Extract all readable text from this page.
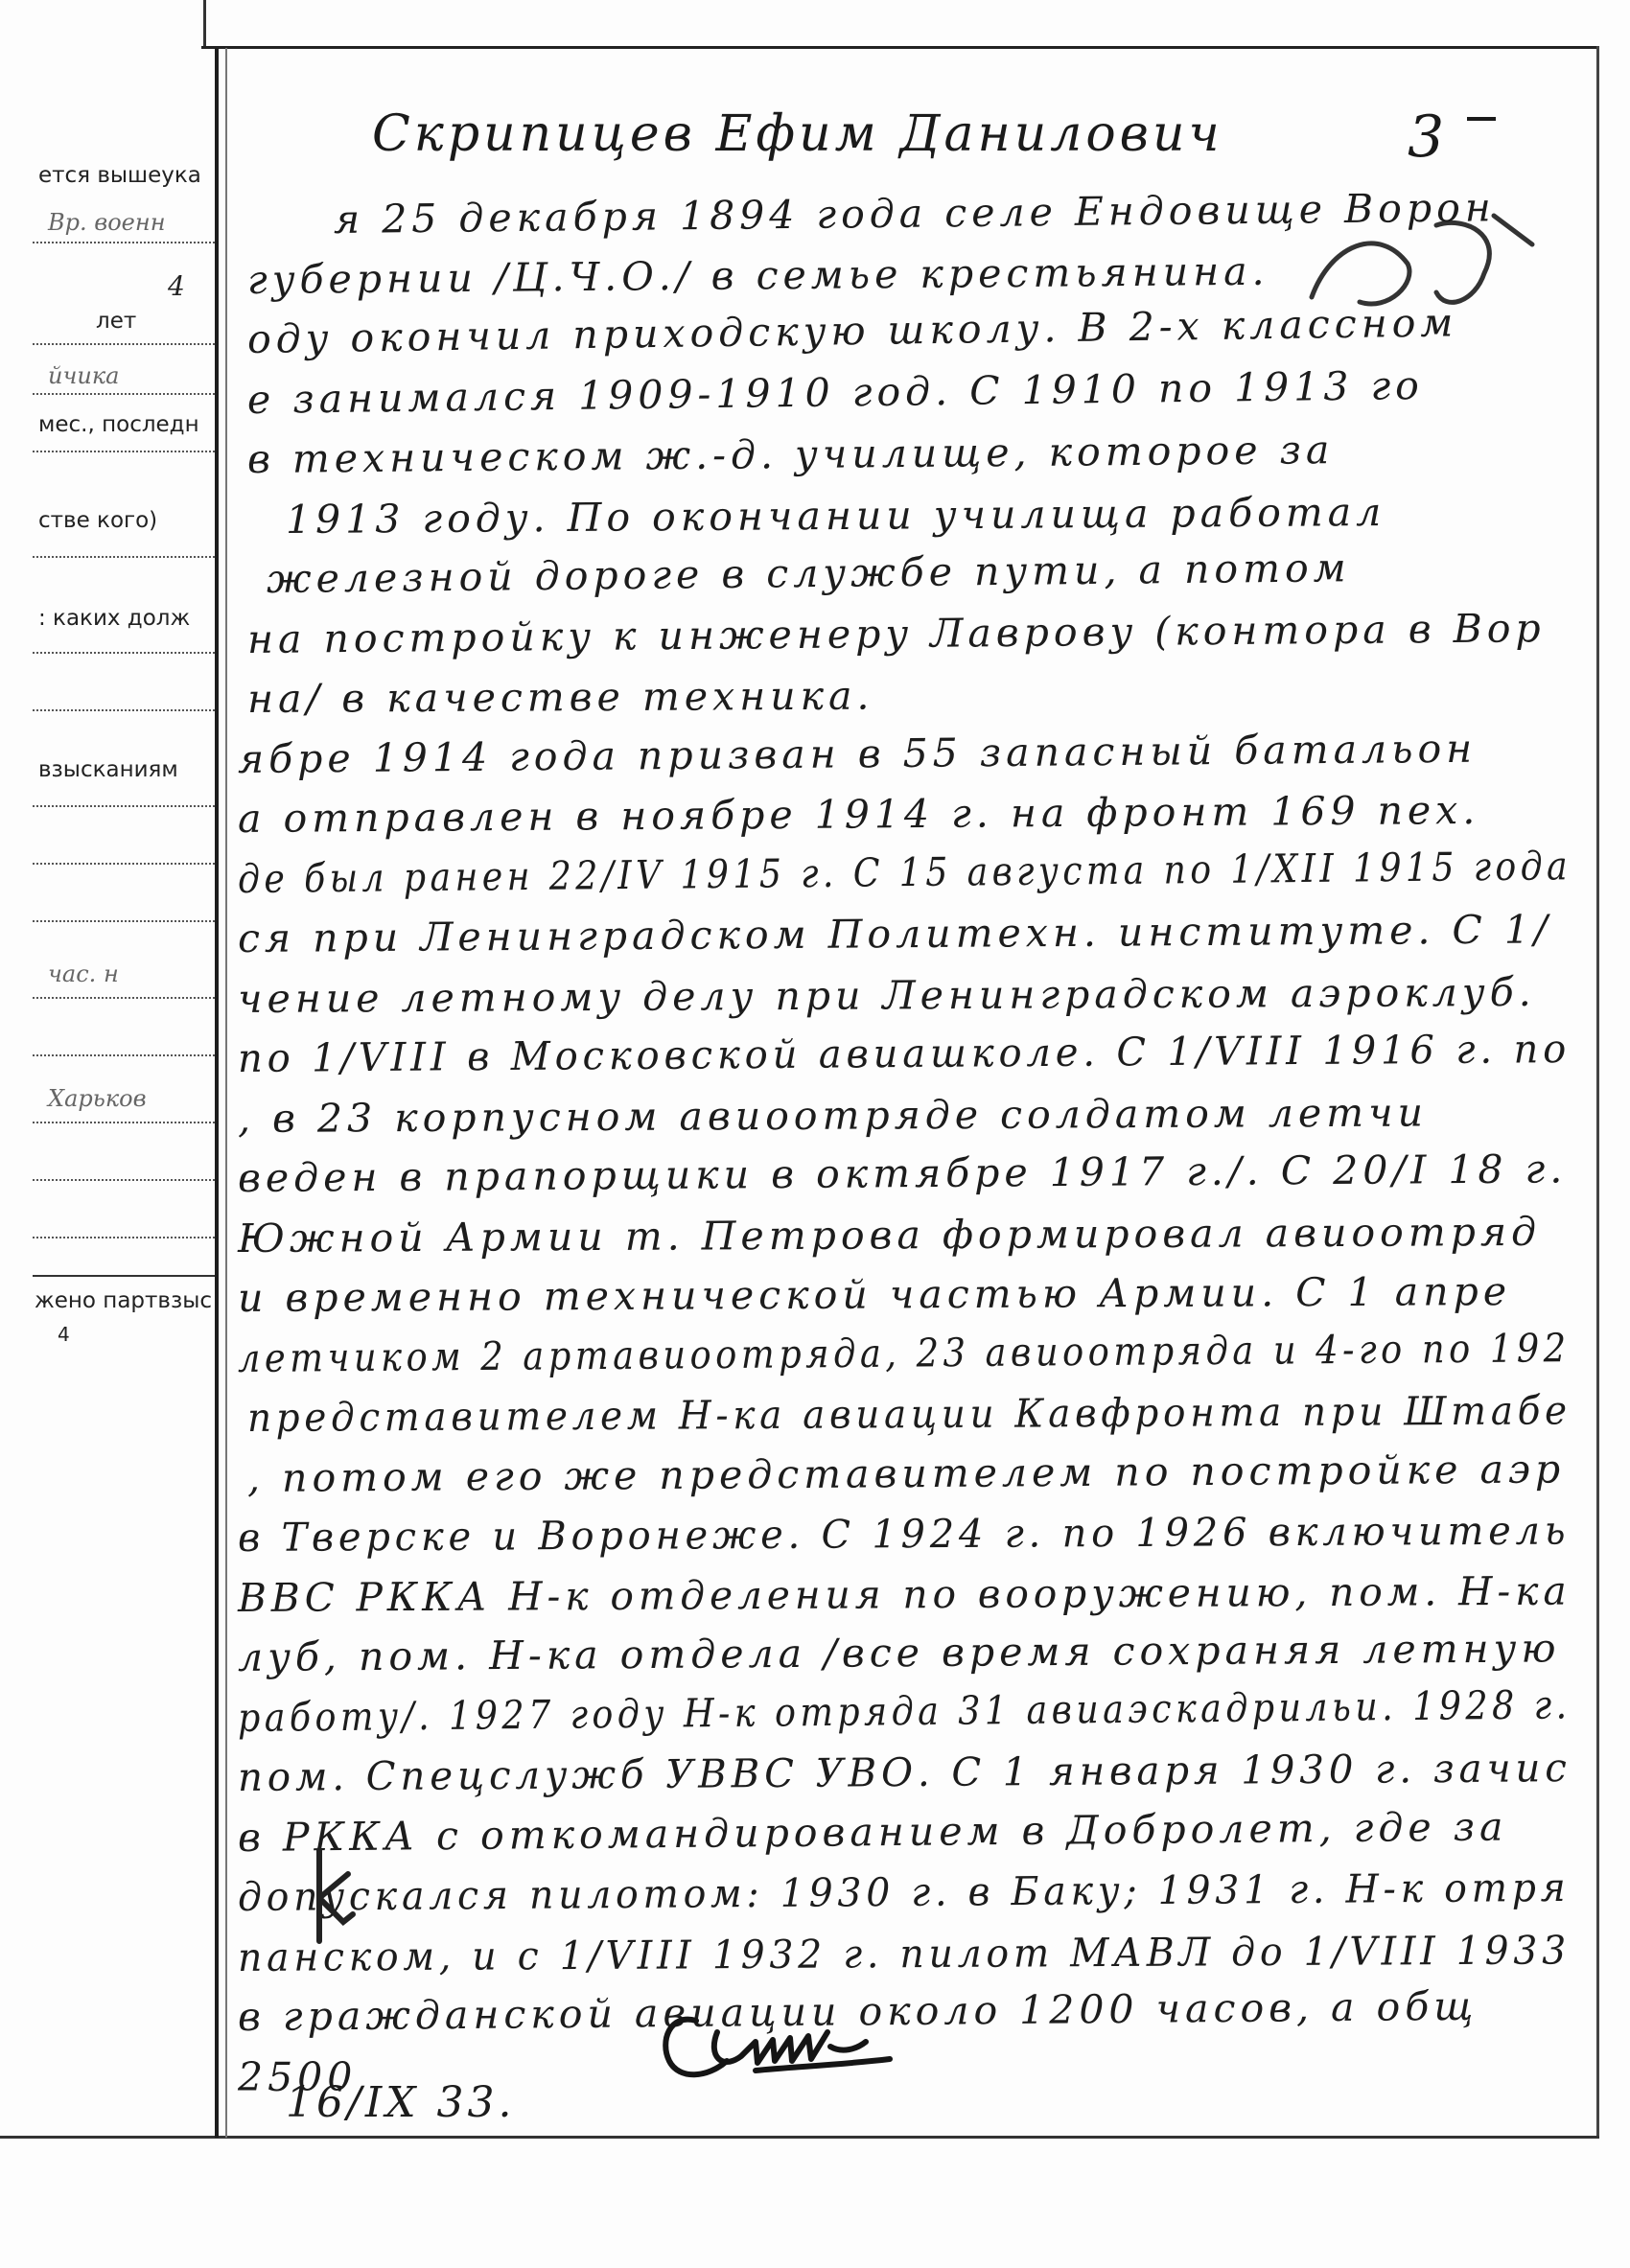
ется вышеука
Вр. военн
4
лет
йчика
мес., последн
стве кого)
: каких долж
взысканиям
час. н
Харьков
жено партвзыс
4
Скрипицев Ефим Данилович	3
я 25 декабря 1894 года селе Ендовище Ворон
губернии /Ц.Ч.О./ в семье крестьянина.
оду окончил приходскую школу. В 2-х классном
е занимался 1909-1910 год. С 1910 по 1913 го
в техническом ж.-д. училище, которое за
1913 году. По окончании училища работал
железной дороге в службе пути, а потом
на постройку к инженеру Лаврову (контора в Вор
на/ в качестве техника.
ябре 1914 года призван в 55 запасный батальон
а отправлен в ноябре 1914 г. на фронт 169 пех.
де был ранен 22/IV 1915 г. С 15 августа по 1/XII 1915 года
ся при Ленинградском Политехн. институте. С 1/
чение летному делу при Ленинградском аэроклуб.
по 1/VIII в Московской авиашколе. С 1/VIII 1916 г. по
, в 23 корпусном авиоотряде солдатом летчи
веден в прапорщики в октябре 1917 г./. С 20/I 18 г.
Южной Армии т. Петрова формировал авиоотряд
и временно технической частью Армии. С 1 апре
летчиком 2 артавиоотряда, 23 авиоотряда и 4-го по 192
представителем Н-ка авиации Кавфронта при Штабе
, потом его же представителем по постройке аэр
в Тверске и Воронеже. С 1924 г. по 1926 включитель
ВВС РККА Н-к отделения по вооружению, пом. Н-ка
луб, пом. Н-ка отдела /все время сохраняя летную
работу/. 1927 году Н-к отряда 31 авиаэскадрильи. 1928 г.
пом. Спецслужб УВВС УВО. С 1 января 1930 г. зачис
в РККА с откомандированием в Добролет, где за
допускался пилотом: 1930 г. в Баку; 1931 г. Н-к отря
панском, и с 1/VIII 1932 г. пилот МАВЛ до 1/VIII 1933
в гражданской авиации около 1200 часов, а общ
2500
16/IX 33.
